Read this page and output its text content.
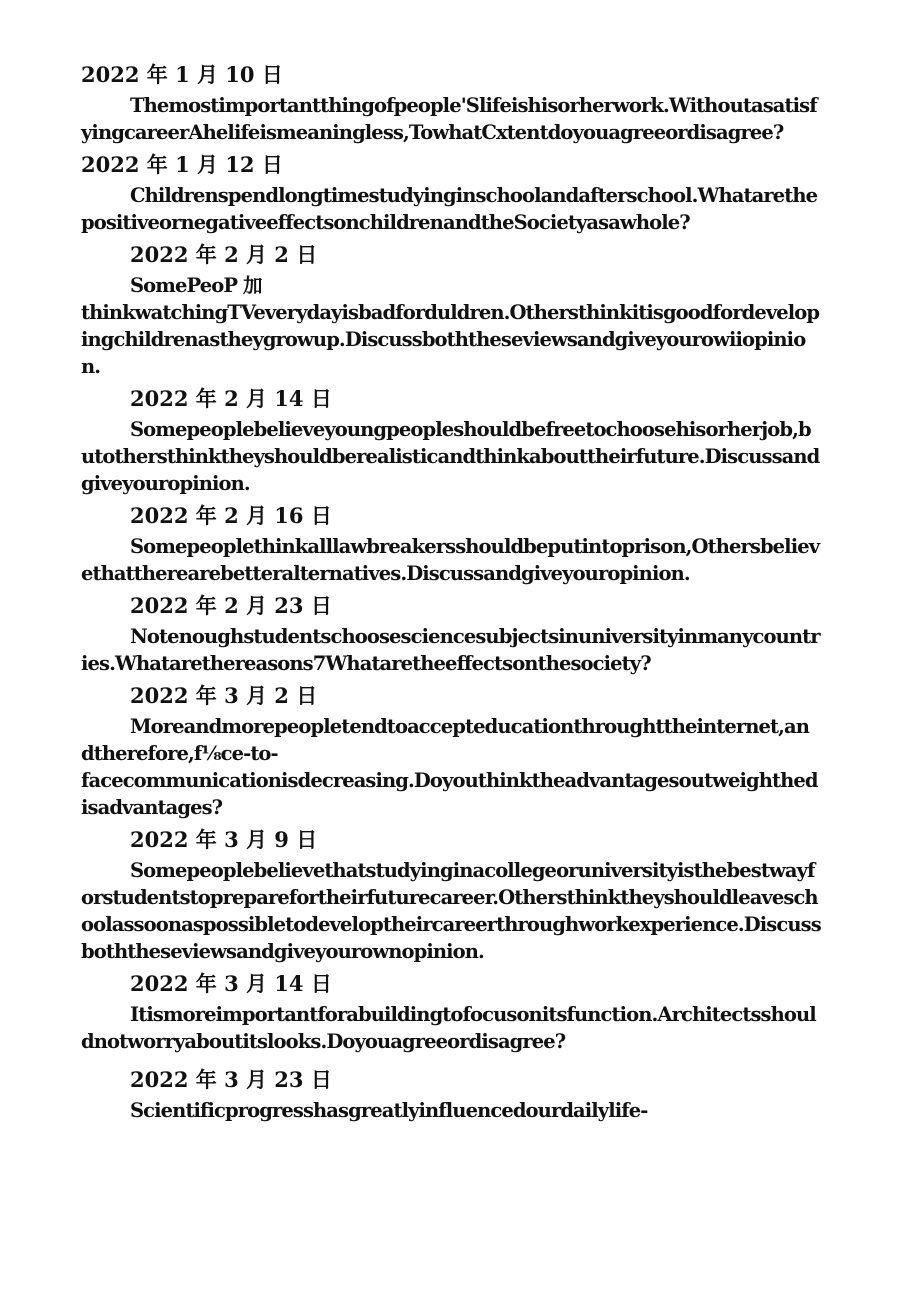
2022 年 1 月 10 日

Themostimportantthingofpeople'Slifeishisorherwork.WithoutasatisfyingcareerAhelifeismeaningless,TowhatCxtentdoyouagreeordisagree?

2022 年 1 月 12 日

Childrenspendlongtimestudyinginschoolandafterschool.WhatarethepositiveornegativeeffectsonchildrenandtheSocietyasawhole?

2022 年 2 月 2 日

SomePeoP 加

thinkwatchingTVeverydayisbadforduldren.Othersthinkitisgoodfordevelopingchildrenastheygrowup.Discussboththeseviewsandgiveyourowiiopinion.

2022 年 2 月 14 日

Somepeoplebelieveyoungpeopleshouldbefreetochoosehisorherjob,butothersthinktheyshouldberealisticandthinkabouttheirfuture.Discussandgiveyouropinion.

2022 年 2 月 16 日

Somepeoplethinkalllawbreakersshouldbeputintoprison,Othersbelievethattherearebetteralternatives.Discussandgiveyouropinion.

2022 年 2 月 23 日

Notenoughstudentschoosesciencesubjectsinuniversityinmanycountries.Whatarethereasons7Whataretheeffectsonthesociety?

2022 年 3 月 2 日

Moreandmorepeopletendtoaccepteducationthroughttheinternet,andtherefore,f⅛ce-to-

facecommunicationisdecreasing.Doyouthinktheadvantagesoutweighthedisadvantages?

2022 年 3 月 9 日

Somepeoplebelievethatstudyinginacollegeoruniversityisthebestwayforstudentstopreparefortheirfuturecareer.Othersthinktheyshouldleaveschoolassoonaspossibletodeveloptheircareerthroughworkexperience.Discussboththeseviewsandgiveyourownopinion.

2022 年 3 月 14 日

Itismoreimportantforabuildingtofocusonitsfunction.Architectsshouldnotworryaboutitslooks.Doyouagreeordisagree?

2022 年 3 月 23 日

Scientificprogresshasgreatlyinfluencedourdailylife-
